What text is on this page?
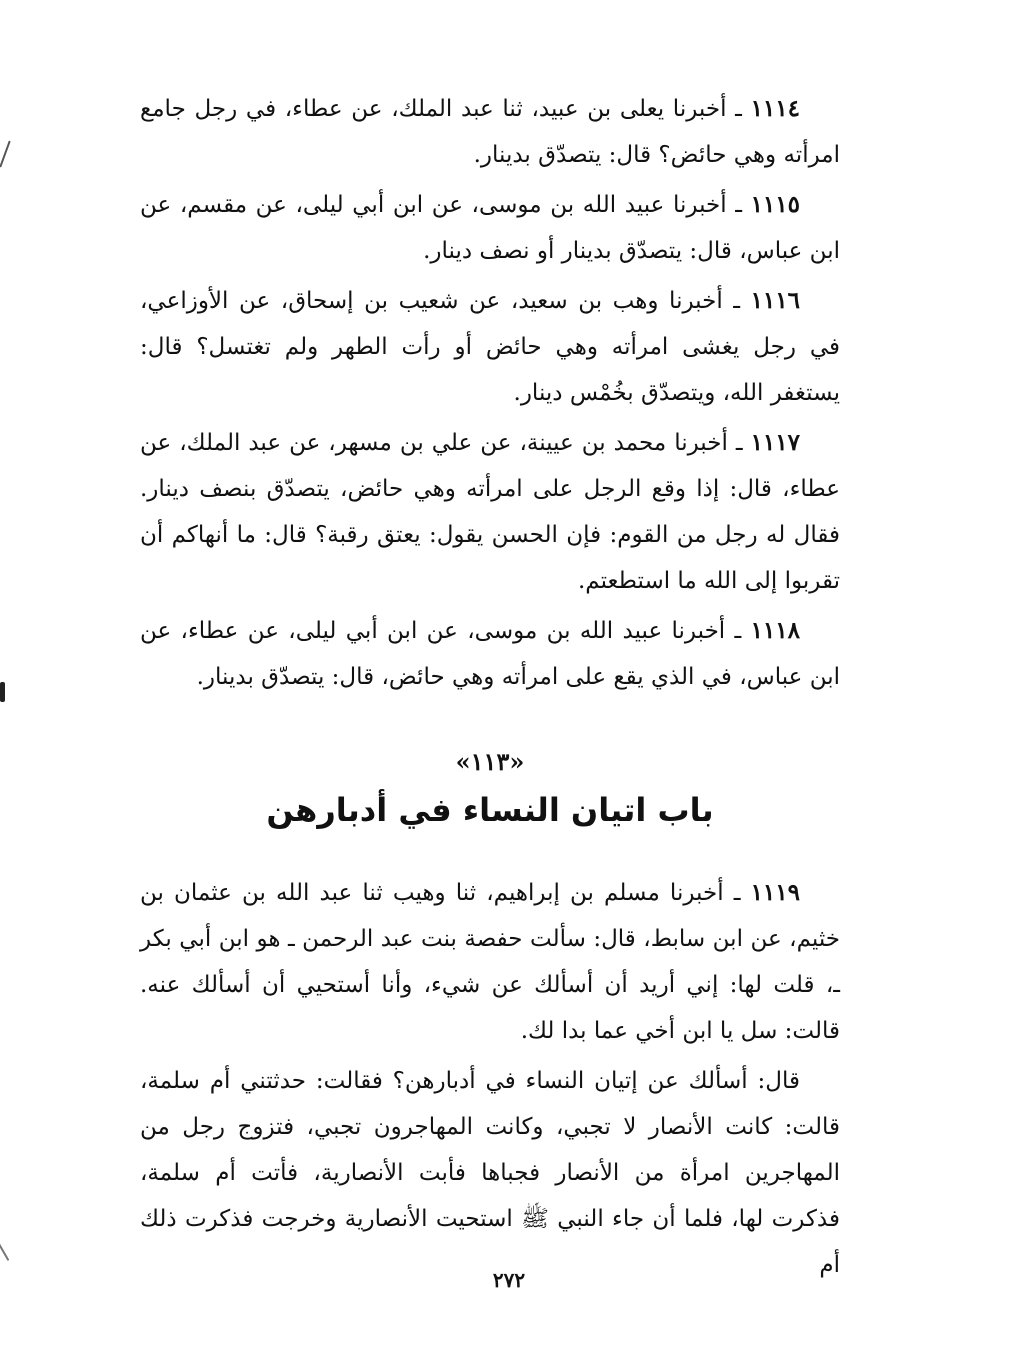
١١١٤ ـ أخبرنا يعلى بن عبيد، ثنا عبد الملك، عن عطاء، في رجل جامع امرأته وهي حائض؟ قال: يتصدّق بدينار.

١١١٥ ـ أخبرنا عبيد الله بن موسى، عن ابن أبي ليلى، عن مقسم، عن ابن عباس، قال: يتصدّق بدينار أو نصف دينار.

١١١٦ ـ أخبرنا وهب بن سعيد، عن شعيب بن إسحاق، عن الأوزاعي، في رجل يغشى امرأته وهي حائض أو رأت الطهر ولم تغتسل؟ قال: يستغفر الله، ويتصدّق بخُمْس دينار.

١١١٧ ـ أخبرنا محمد بن عيينة، عن علي بن مسهر، عن عبد الملك، عن عطاء، قال: إذا وقع الرجل على امرأته وهي حائض، يتصدّق بنصف دينار. فقال له رجل من القوم: فإن الحسن يقول: يعتق رقبة؟ قال: ما أنهاكم أن تقربوا إلى الله ما استطعتم.

١١١٨ ـ أخبرنا عبيد الله بن موسى، عن ابن أبي ليلى، عن عطاء، عن ابن عباس، في الذي يقع على امرأته وهي حائض، قال: يتصدّق بدينار.

«١١٣»
باب اتيان النساء في أدبارهن

١١١٩ ـ أخبرنا مسلم بن إبراهيم، ثنا وهيب ثنا عبد الله بن عثمان بن خثيم، عن ابن سابط، قال: سألت حفصة بنت عبد الرحمن ـ هو ابن أبي بكر ـ، قلت لها: إني أريد أن أسألك عن شيء، وأنا أستحيي أن أسألك عنه. قالت: سل يا ابن أخي عما بدا لك.

قال: أسألك عن إتيان النساء في أدبارهن؟ فقالت: حدثتني أم سلمة، قالت: كانت الأنصار لا تجبي، وكانت المهاجرون تجبي، فتزوج رجل من المهاجرين امرأة من الأنصار فجباها فأبت الأنصارية، فأتت أم سلمة، فذكرت لها، فلما أن جاء النبي ﷺ استحيت الأنصارية وخرجت فذكرت ذلك أم

٢٧٢
